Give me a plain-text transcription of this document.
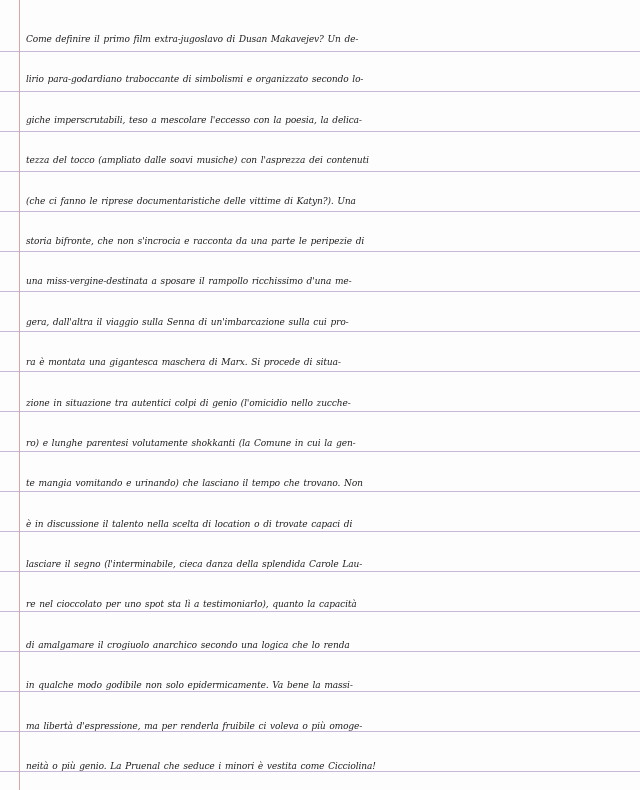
Come definire il primo film extra-jugoslavo di Dusan Makavejev? Un de-
lirio para-godardiano traboccante di simbolismi e organizzato secondo lo-
giche imperscrutabili, teso a mescolare l'eccesso con la poesia, la delica-
tezza del tocco (ampliato dalle soavi musiche) con l'asprezza dei contenuti
(che ci fanno le riprese documentaristiche delle vittime di Katyn?). Una
storia bifronte, che non s'incrocia e racconta da una parte le peripezie di
una miss-vergine-destinata a sposare il rampollo ricchissimo d'una me-
gera, dall'altra il viaggio sulla Senna di un'imbarcazione sulla cui pro-
ra è montata una gigantesca maschera di Marx. Si procede di situa-
zione in situazione tra autentici colpi di genio (l'omicidio nello zucche-
ro) e lunghe parentesi volutamente shokkanti (la Comune in cui la gen-
te mangia vomitando e urinando) che lasciano il tempo che trovano. Non
è in discussione il talento nella scelta di location o di trovate capaci di
lasciare il segno (l'interminabile, cieca danza della splendida Carole Lau-
re nel cioccolato per uno spot sta lì a testimoniarlo), quanto la capacità
di amalgamare il crogiuolo anarchico secondo una logica che lo renda
in qualche modo godibile non solo epidermicamente. Va bene la massi-
ma libertà d'espressione, ma per renderla fruibile ci voleva o più omoge-
neità o più genio. La Pruenal che seduce i minori è vestita come Cicciolina!
